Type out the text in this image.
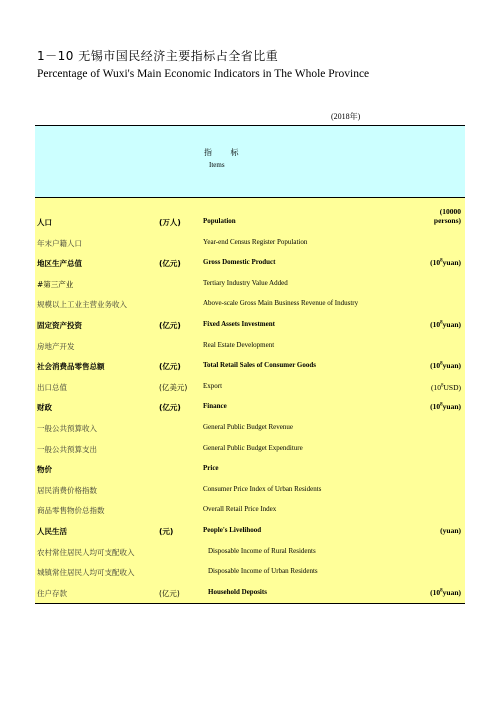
1－10 无锡市国民经济主要指标占全省比重
Percentage of Wuxi's Main Economic Indicators in The Whole Province
(2018年)
指 标
Items
人口	(万人)	Population
(10000
persons)
年末户籍人口	Year-end Census Register Population
地区生产总值	(亿元)	Gross Domestic Product	$(10^8yuan)$
#第三产业	Tertiary Industry Value Added
规模以上工业主营业务收入	Above-scale Gross Main Business Revenue of Industry
固定资产投资	(亿元)	Fixed Assets Investment	$(10^8yuan)$
房地产开发	Real Estate Development
社会消费品零售总额	(亿元)	Total Retail Sales of Consumer Goods	$(10^8yuan)$
出口总值	(亿美元) Export	$(10^8USD)$
财政	(亿元)	Finance	$(10^8yuan)$
一般公共预算收入	General Public Budget Revenue
一般公共预算支出	General Public Budget Expenditure
物价	Price
居民消费价格指数	Consumer Price Index of Urban Residents
商品零售物价总指数	Overall Retail Price Index
人民生活	(元)	People's Livelihood	(yuan)
农村常住居民人均可支配收入	Disposable Income of Rural Residents
城镇常住居民人均可支配收入	Disposable Income of Urban Residents
住户存款	(亿元)	Household Deposits	$(10^8yuan)$
